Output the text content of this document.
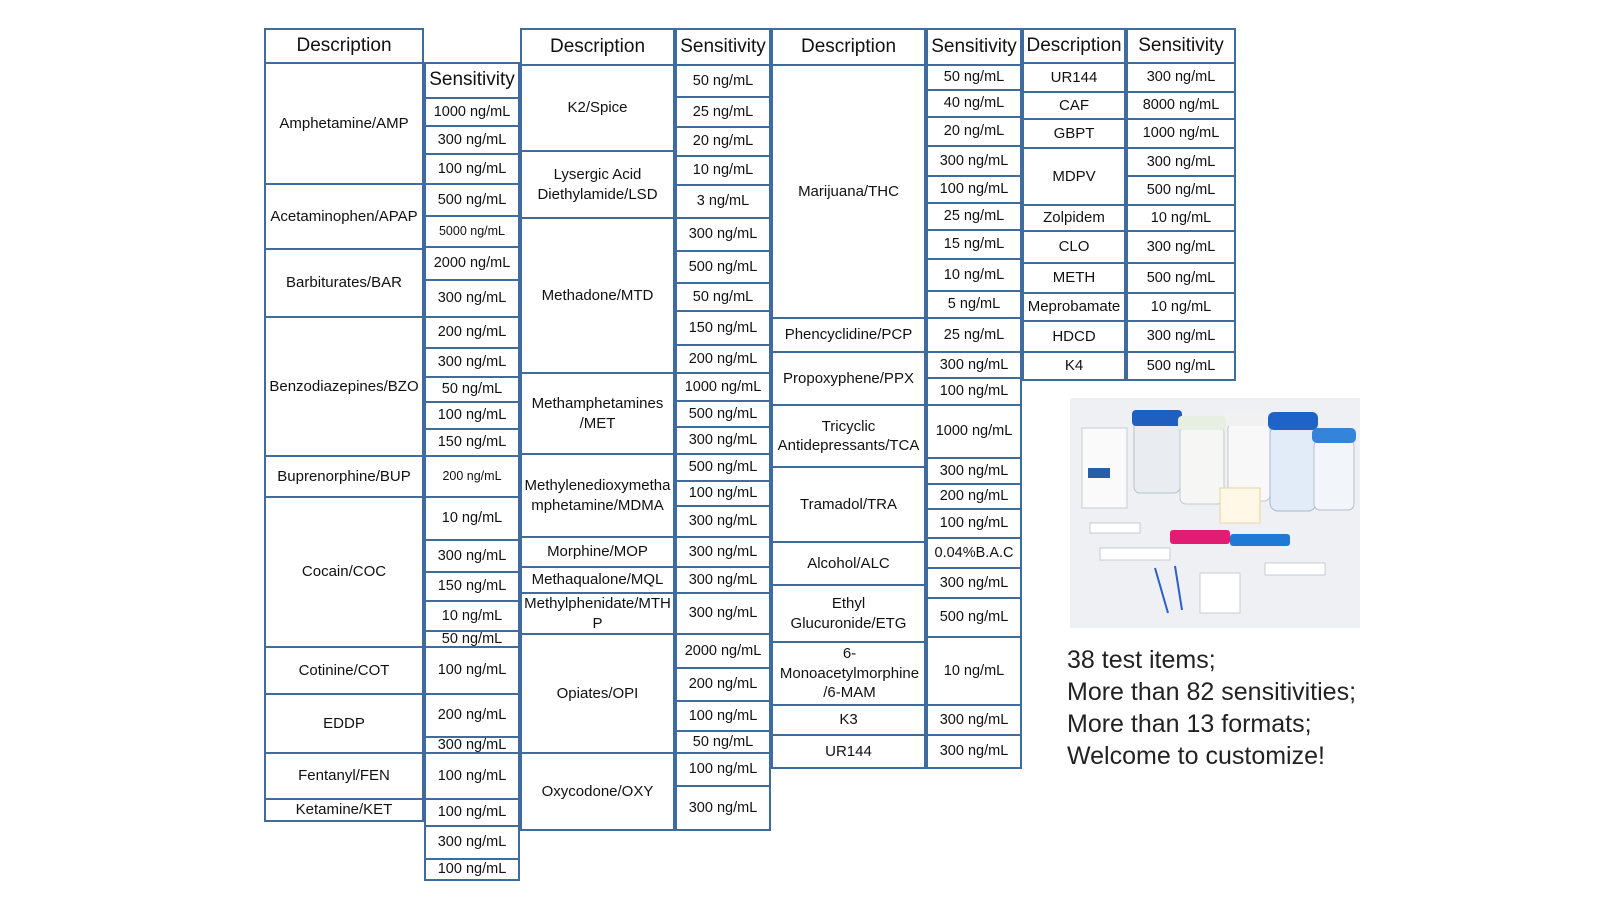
Description
Sensitivity
Amphetamine/AMP
Acetaminophen/APAP
Barbiturates/BAR
Benzodiazepines/BZO
Buprenorphine/BUP
Cocain/COC
Cotinine/COT
EDDP
Fentanyl/FEN
Ketamine/KET
1000 ng/mL
300 ng/mL
100 ng/mL
500 ng/mL
5000 ng/mL
2000 ng/mL
300 ng/mL
200 ng/mL
300 ng/mL
50 ng/mL
100 ng/mL
150 ng/mL
200 ng/mL
10 ng/mL
300 ng/mL
150 ng/mL
10 ng/mL
50 ng/mL
100 ng/mL
200 ng/mL
300 ng/mL
100 ng/mL
100 ng/mL
300 ng/mL
100 ng/mL
Description	Sensitivity
K2/Spice
Lysergic Acid Diethylamide/LSD
Methadone/MTD
Methamphetamines /MET
Methylenedioxymethamphetamine/MDMA
Morphine/MOP
Methaqualone/MQL
Methylphenidate/MTHP
Opiates/OPI
Oxycodone/OXY
50 ng/mL
25 ng/mL
20 ng/mL
10 ng/mL
3 ng/mL
300 ng/mL
500 ng/mL
50 ng/mL
150 ng/mL
200 ng/mL
1000 ng/mL
500 ng/mL
300 ng/mL
500 ng/mL
100 ng/mL
300 ng/mL
300 ng/mL
300 ng/mL
300 ng/mL
2000 ng/mL
200 ng/mL
100 ng/mL
50 ng/mL
100 ng/mL
300 ng/mL
Description	Sensitivity
Marijuana/THC
Phencyclidine/PCP
Propoxyphene/PPX
Tricyclic Antidepressants/TCA
Tramadol/TRA
Alcohol/ALC
Ethyl Glucuronide/ETG
6-Monoacetylmorphine /6-MAM
K3
UR144
50 ng/mL
40 ng/mL
20 ng/mL
300 ng/mL
100 ng/mL
25 ng/mL
15 ng/mL
10 ng/mL
5 ng/mL
25 ng/mL
300 ng/mL
100 ng/mL
1000 ng/mL
300 ng/mL
200 ng/mL
100 ng/mL
0.04%B.A.C
300 ng/mL
500 ng/mL
10 ng/mL
300 ng/mL
300 ng/mL
Description Sensitivity
UR144
CAF
GBPT
MDPV
Zolpidem
CLO
METH
Meprobamate
HDCD
K4
300 ng/mL
8000 ng/mL
1000 ng/mL
300 ng/mL
500 ng/mL
10 ng/mL
300 ng/mL
500 ng/mL
10 ng/mL
300 ng/mL
500 ng/mL
38 test items;
More than 82 sensitivities;
More than 13 formats;
Welcome to customize!
